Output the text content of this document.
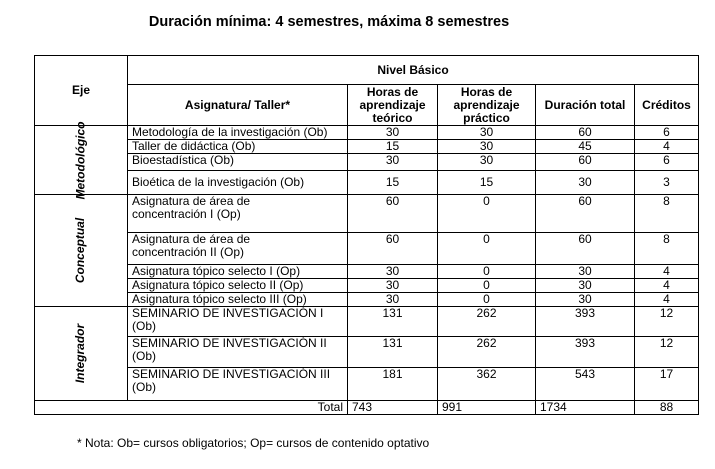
Duración mínima: 4 semestres, máxima 8 semestres
Eje	Nivel Básico				
	Asignatura/ Taller*	Horas de aprendizaje teórico	Horas de aprendizaje práctico	Duración total	Créditos
Metodológico	Metodología de la investigación (Ob)	30	30	60	6
	Taller de didáctica (Ob)	15	30	45	4
	Bioestadística (Ob)	30	30	60	6
	Bioética de la investigación (Ob)	15	15	30	3
Conceptual	Asignatura de área de concentración I (Op)	60	0	60	8

	Asignatura de área de concentración II (Op)	60	0	60	8
	Asignatura tópico selecto I (Op)	30	0	30	4
	Asignatura tópico selecto II (Op)	30	0	30	4
	Asignatura tópico selecto III (Op)	30	0	30	4
Integrador	SEMINARIO DE INVESTIGACIÓN I (Ob)	131	262	393	12

	SEMINARIO DE INVESTIGACIÓN II (Ob)	131	262	393	12

	SEMINARIO DE INVESTIGACIÓN III (Ob)	181	362	543	17
Total		743	991	1734	88
* Nota: Ob= cursos obligatorios; Op= cursos de contenido optativo
